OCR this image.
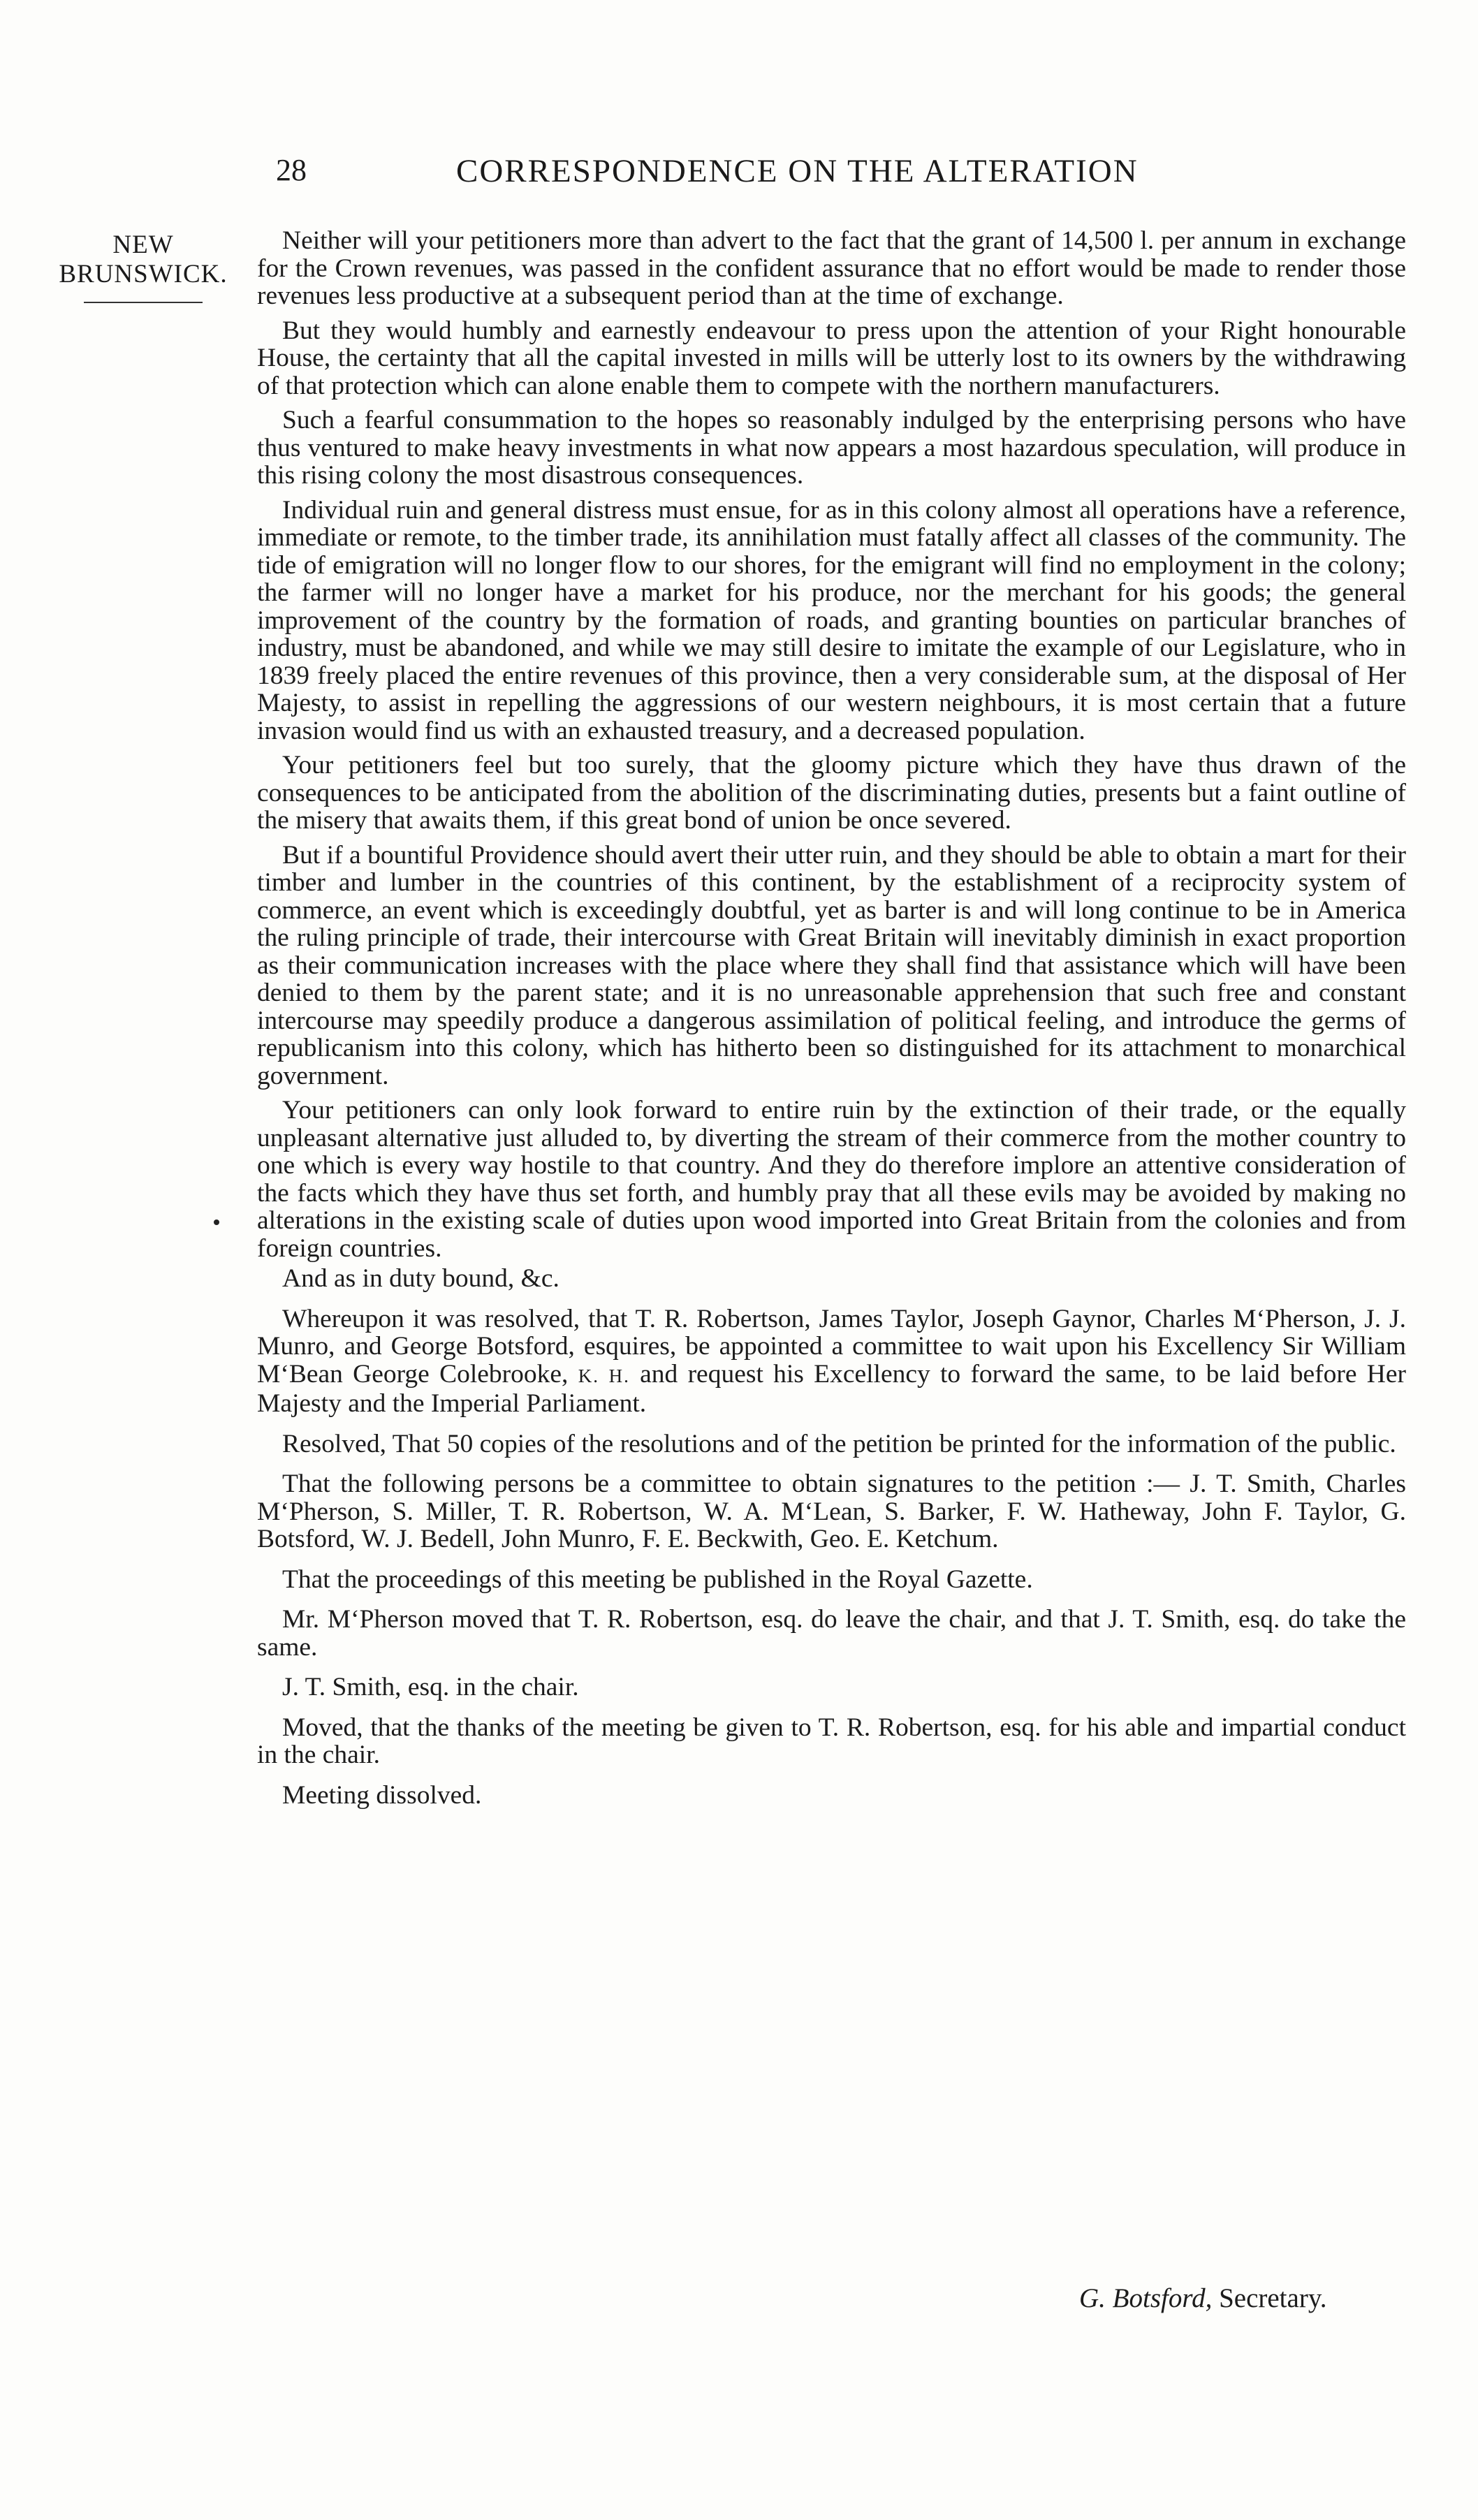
28	CORRESPONDENCE ON THE ALTERATION
NEW
BRUNSWICK.

Neither will your petitioners more than advert to the fact that the grant of 14,500 l. per annum in exchange for the Crown revenues, was passed in the confident assurance that no effort would be made to render those revenues less productive at a subsequent period than at the time of exchange.

But they would humbly and earnestly endeavour to press upon the attention of your Right honourable House, the certainty that all the capital invested in mills will be utterly lost to its owners by the withdrawing of that protection which can alone enable them to compete with the northern manufacturers.

Such a fearful consummation to the hopes so reasonably indulged by the enterprising persons who have thus ventured to make heavy investments in what now appears a most hazardous speculation, will produce in this rising colony the most disastrous consequences.

Individual ruin and general distress must ensue, for as in this colony almost all operations have a reference, immediate or remote, to the timber trade, its annihilation must fatally affect all classes of the community. The tide of emigration will no longer flow to our shores, for the emigrant will find no employment in the colony; the farmer will no longer have a market for his produce, nor the merchant for his goods; the general improvement of the country by the formation of roads, and granting bounties on particular branches of industry, must be abandoned, and while we may still desire to imitate the example of our Legislature, who in 1839 freely placed the entire revenues of this province, then a very considerable sum, at the disposal of Her Majesty, to assist in repelling the aggressions of our western neighbours, it is most certain that a future invasion would find us with an exhausted treasury, and a decreased population.

Your petitioners feel but too surely, that the gloomy picture which they have thus drawn of the consequences to be anticipated from the abolition of the discriminating duties, presents but a faint outline of the misery that awaits them, if this great bond of union be once severed.

But if a bountiful Providence should avert their utter ruin, and they should be able to obtain a mart for their timber and lumber in the countries of this continent, by the establishment of a reciprocity system of commerce, an event which is exceedingly doubtful, yet as barter is and will long continue to be in America the ruling principle of trade, their intercourse with Great Britain will inevitably diminish in exact proportion as their communication increases with the place where they shall find that assistance which will have been denied to them by the parent state; and it is no unreasonable apprehension that such free and constant intercourse may speedily produce a dangerous assimilation of political feeling, and introduce the germs of republicanism into this colony, which has hitherto been so distinguished for its attachment to monarchical government.

Your petitioners can only look forward to entire ruin by the extinction of their trade, or the equally unpleasant alternative just alluded to, by diverting the stream of their commerce from the mother country to one which is every way hostile to that country. And they do therefore implore an attentive consideration of the facts which they have thus set forth, and humbly pray that all these evils may be avoided by making no alterations in the existing scale of duties upon wood imported into Great Britain from the colonies and from foreign countries.

And as in duty bound, &c.

Whereupon it was resolved, that T. R. Robertson, James Taylor, Joseph Gaynor, Charles M‘Pherson, J. J. Munro, and George Botsford, esquires, be appointed a committee to wait upon his Excellency Sir William M‘Bean George Colebrooke, K. H. and request his Excellency to forward the same, to be laid before Her Majesty and the Imperial Parliament.

Resolved, That 50 copies of the resolutions and of the petition be printed for the information of the public.

That the following persons be a committee to obtain signatures to the petition :— J. T. Smith, Charles M‘Pherson, S. Miller, T. R. Robertson, W. A. M‘Lean, S. Barker, F. W. Hatheway, John F. Taylor, G. Botsford, W. J. Bedell, John Munro, F. E. Beckwith, Geo. E. Ketchum.

That the proceedings of this meeting be published in the Royal Gazette.

Mr. M‘Pherson moved that T. R. Robertson, esq. do leave the chair, and that J. T. Smith, esq. do take the same.

J. T. Smith, esq. in the chair.

Moved, that the thanks of the meeting be given to T. R. Robertson, esq. for his able and impartial conduct in the chair.

Meeting dissolved.

G. Botsford, Secretary.
